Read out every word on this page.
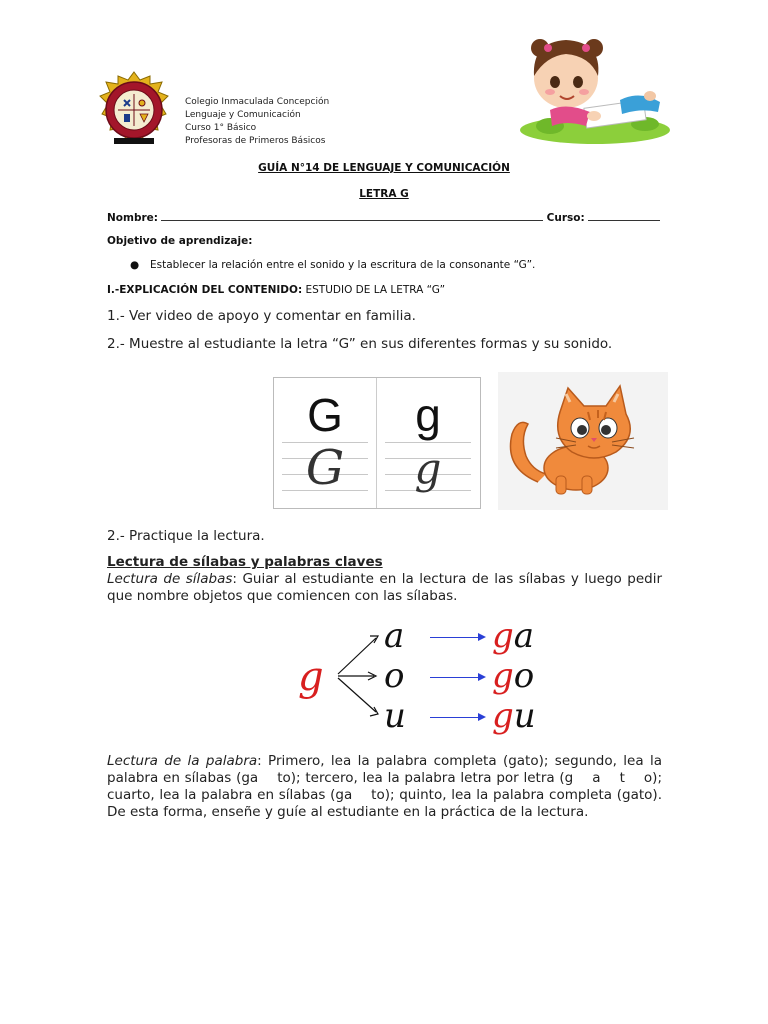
Colegio Inmaculada Concepción
Lenguaje y Comunicación
Curso 1° Básico
Profesoras de Primeros Básicos
GUÍA N°14 DE LENGUAJE Y COMUNICACIÓN
LETRA G
Nombre:	Curso:
Objetivo de aprendizaje:
● Establecer la relación entre el sonido y la escritura de la consonante “G”.
I.-EXPLICACIÓN DEL CONTENIDO: ESTUDIO DE LA LETRA “G”
1.- Ver video de apoyo y comentar en familia.
2.- Muestre al estudiante la letra “G” en sus diferentes formas y su sonido.
G
G
g
g
2.- Practique la lectura.
Lectura de sílabas y palabras claves
Lectura de sílabas: Guiar al estudiante en la lectura de las sílabas y luego pedir que nombre objetos que comiencen con las sílabas.
g
a
o
u
ga
go
gu
Lectura de la palabra: Primero, lea la palabra completa (gato); segundo, lea la palabra en sílabas (ga    to); tercero, lea la palabra letra por letra (g    a    t    o); cuarto, lea la palabra en sílabas (ga    to); quinto, lea la palabra completa (gato). De esta forma, enseñe y guíe al estudiante en la práctica de la lectura.
